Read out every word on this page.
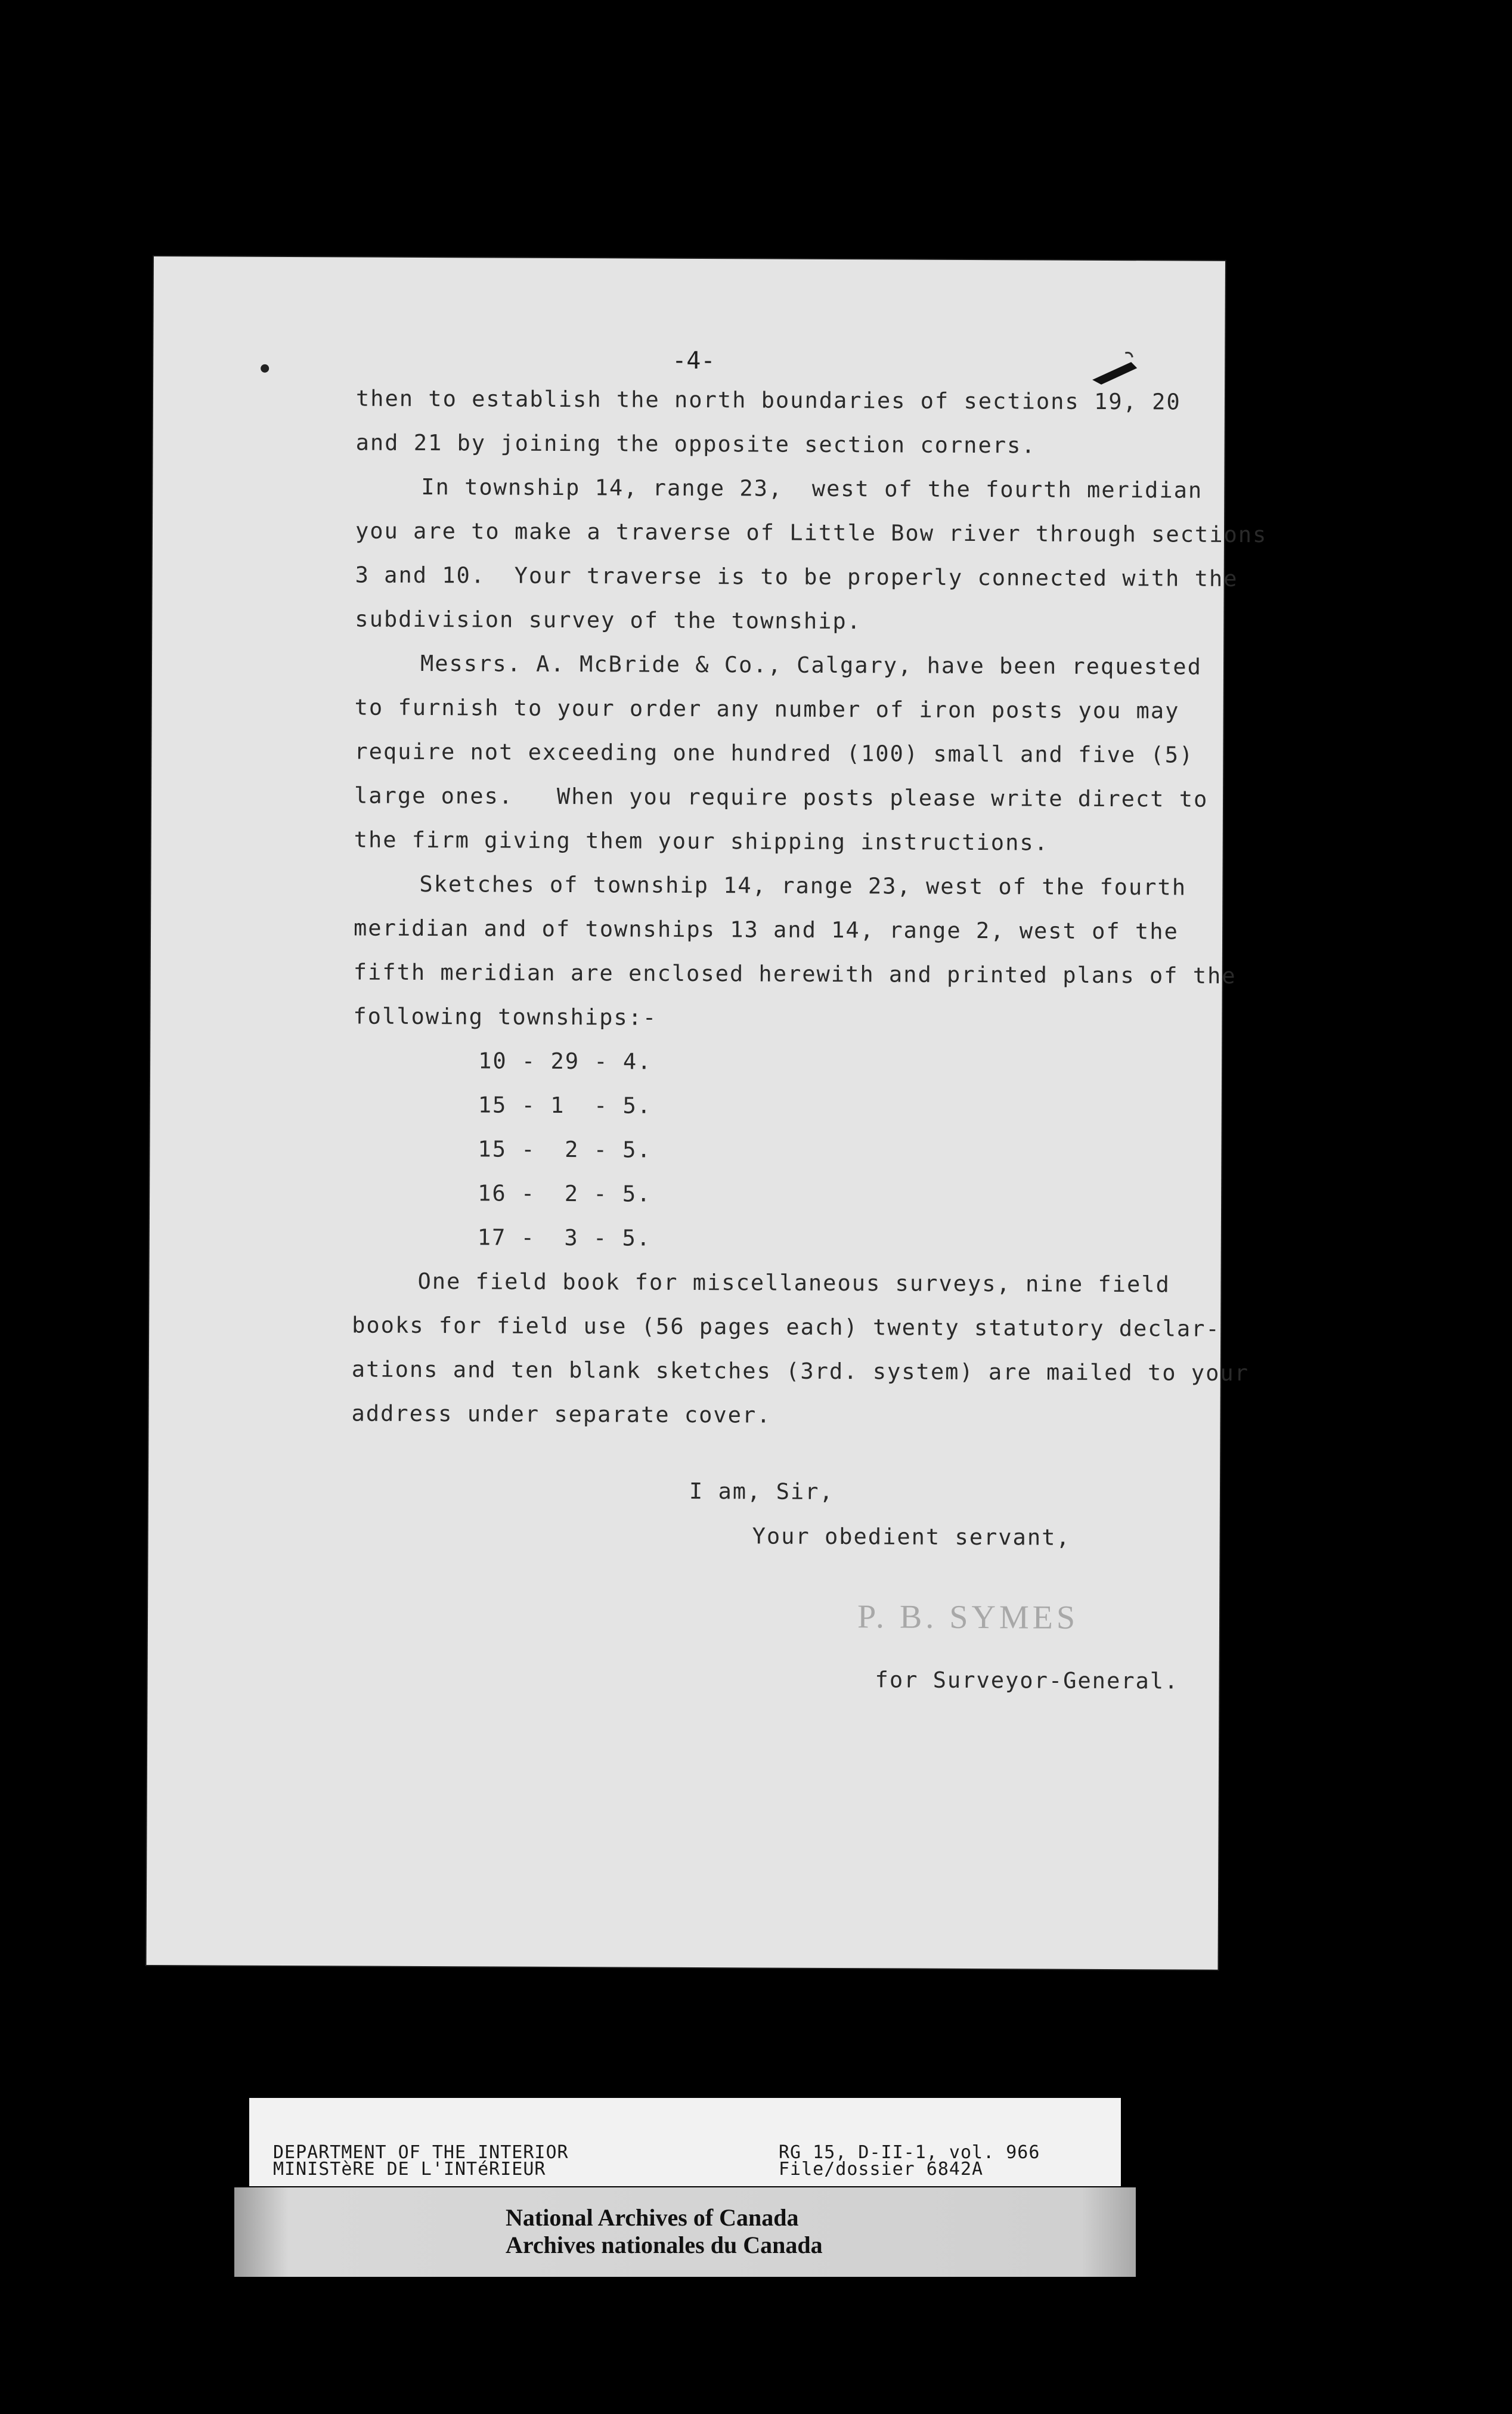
-4-

then to establish the north boundaries of sections 19, 20

and 21 by joining the opposite section corners.

In township 14, range 23,  west of the fourth meridian

you are to make a traverse of Little Bow river through sections

3 and 10.  Your traverse is to be properly connected with the

subdivision survey of the township.

Messrs. A. McBride & Co., Calgary, have been requested

to furnish to your order any number of iron posts you may

require not exceeding one hundred (100) small and five (5)

large ones.   When you require posts please write direct to

the firm giving them your shipping instructions.

Sketches of township 14, range 23, west of the fourth

meridian and of townships 13 and 14, range 2, west of the

fifth meridian are enclosed herewith and printed plans of the

following townships:-

10 - 29 - 4.

15 - 1  - 5.

15 -  2 - 5.

16 -  2 - 5.

17 -  3 - 5.

One field book for miscellaneous surveys, nine field

books for field use (56 pages each) twenty statutory declar-

ations and ten blank sketches (3rd. system) are mailed to your

address under separate cover.

I am, Sir,
Your obedient servant,
P. B. SYMES
for Surveyor-General.
DEPARTMENT OF THE INTERIOR
MINISTèRE DE L'INTéRIEUR
RG 15, D-II-1, vol. 966
File/dossier 6842A
National Archives of Canada
Archives nationales du Canada
